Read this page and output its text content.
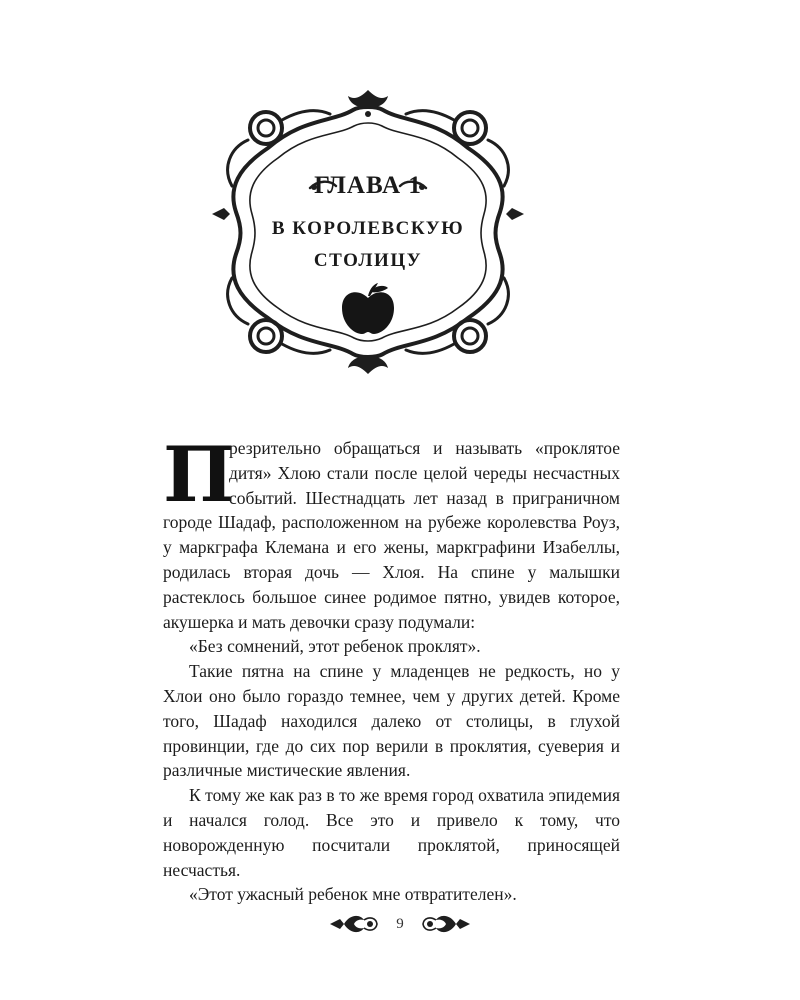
ГЛАВА 1
В КОРОЛЕВСКУЮ
СТОЛИЦУ

П
резрительно обращаться и называть «проклятое дитя» Хлою стали после целой череды несчастных событий. Шестнадцать лет назад в приграничном городе Шадаф, расположенном на рубеже королевства Роуз, у маркграфа Клемана и его жены, маркграфини Изабеллы, родилась вторая дочь — Хлоя. На спине у малышки растеклось большое синее родимое пятно, увидев которое, акушерка и мать девочки сразу подумали:

«Без сомнений, этот ребенок проклят».

Такие пятна на спине у младенцев не редкость, но у Хлои оно было гораздо темнее, чем у других детей. Кроме того, Шадаф находился далеко от столицы, в глухой провинции, где до сих пор верили в проклятия, суеверия и различные мистические явления.

К тому же как раз в то же время город охватила эпидемия и начался голод. Все это и привело к тому, что новорожденную посчитали проклятой, приносящей несчастья.

«Этот ужасный ребенок мне отвратителен».

9
